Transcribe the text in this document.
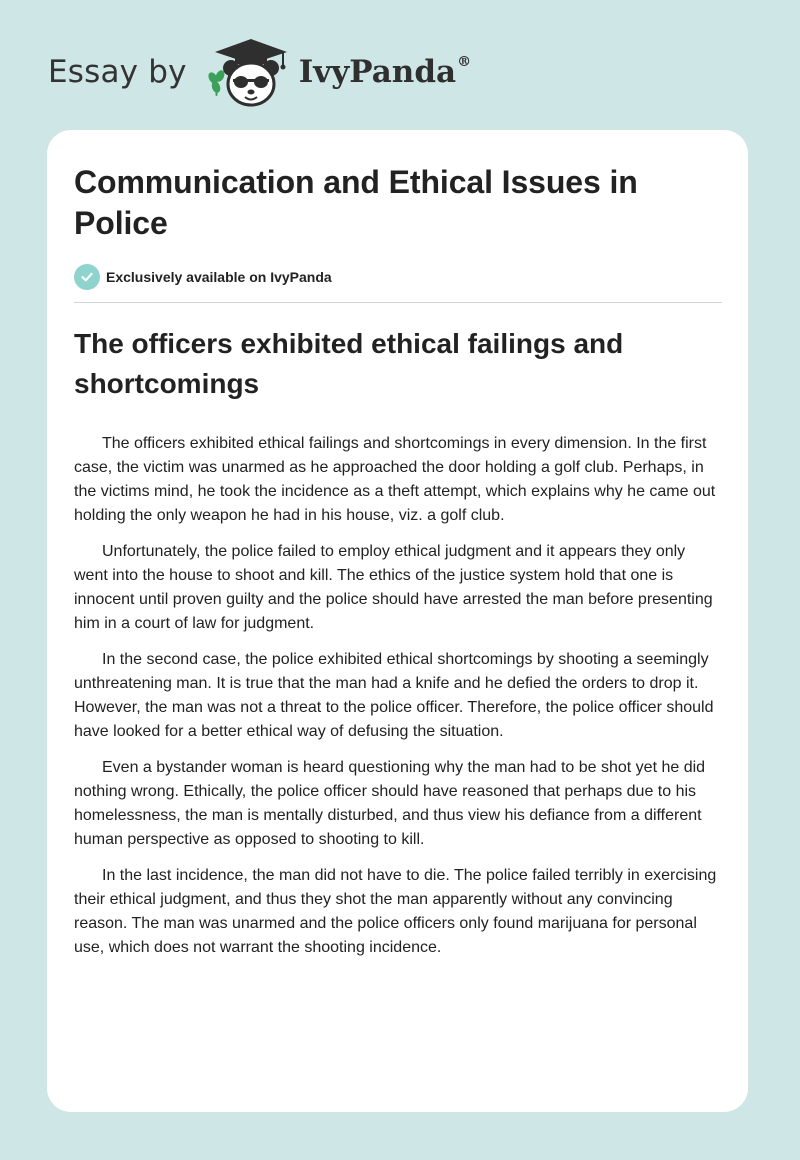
Essay by	IvyPanda®
Communication and Ethical Issues in Police
Exclusively available on IvyPanda
The officers exhibited ethical failings and shortcomings

The officers exhibited ethical failings and shortcomings in every dimension. In the first case, the victim was unarmed as he approached the door holding a golf club. Perhaps, in the victims mind, he took the incidence as a theft attempt, which explains why he came out holding the only weapon he had in his house, viz. a golf club.

Unfortunately, the police failed to employ ethical judgment and it appears they only went into the house to shoot and kill. The ethics of the justice system hold that one is innocent until proven guilty and the police should have arrested the man before presenting him in a court of law for judgment.

In the second case, the police exhibited ethical shortcomings by shooting a seemingly unthreatening man. It is true that the man had a knife and he defied the orders to drop it. However, the man was not a threat to the police officer. Therefore, the police officer should have looked for a better ethical way of defusing the situation.

Even a bystander woman is heard questioning why the man had to be shot yet he did nothing wrong. Ethically, the police officer should have reasoned that perhaps due to his homelessness, the man is mentally disturbed, and thus view his defiance from a different human perspective as opposed to shooting to kill.

In the last incidence, the man did not have to die. The police failed terribly in exercising their ethical judgment, and thus they shot the man apparently without any convincing reason. The man was unarmed and the police officers only found marijuana for personal use, which does not warrant the shooting incidence.
